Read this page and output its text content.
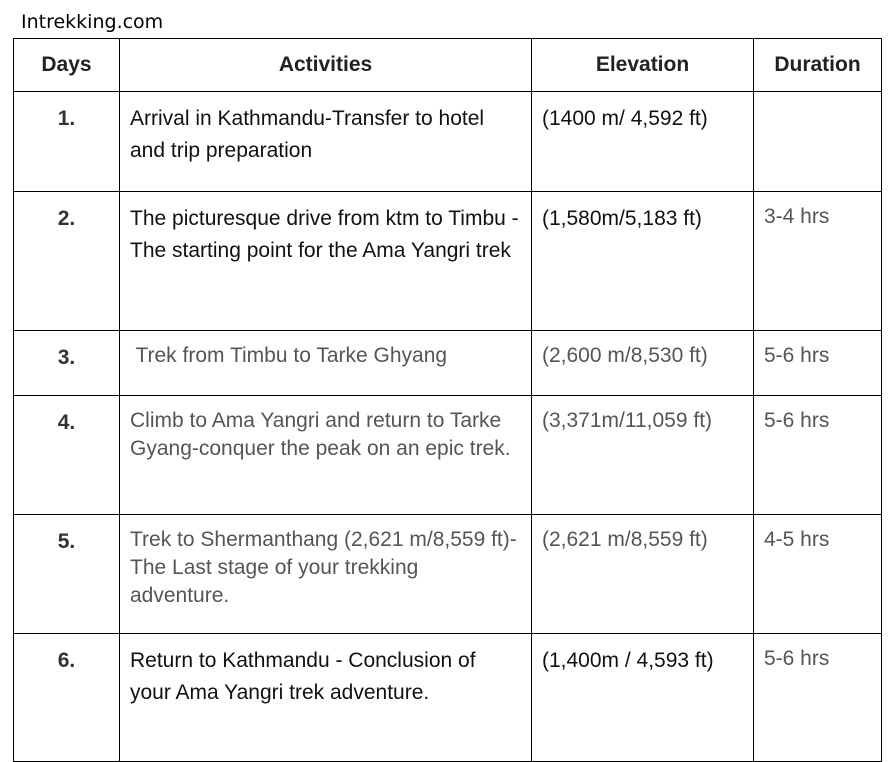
Intrekking.com
Days	Activities	Elevation	Duration
1.	Arrival in Kathmandu-Transfer to hotel and trip preparation	(1400 m/ 4,592 ft)	
2.	The picturesque drive from ktm to Timbu - The starting point for the Ama Yangri trek	(1,580m/5,183 ft)	3-4 hrs
3.	Trek from Timbu to Tarke Ghyang	(2,600 m/8,530 ft)	5-6 hrs
4.	Climb to Ama Yangri and return to Tarke Gyang-conquer the peak on an epic trek.	(3,371m/11,059 ft)	5-6 hrs
5.	Trek to Shermanthang (2,621 m/8,559 ft)- The Last stage of your trekking adventure.	(2,621 m/8,559 ft)	4-5 hrs
6.	Return to Kathmandu - Conclusion of your Ama Yangri trek adventure.	(1,400m / 4,593 ft)	5-6 hrs
